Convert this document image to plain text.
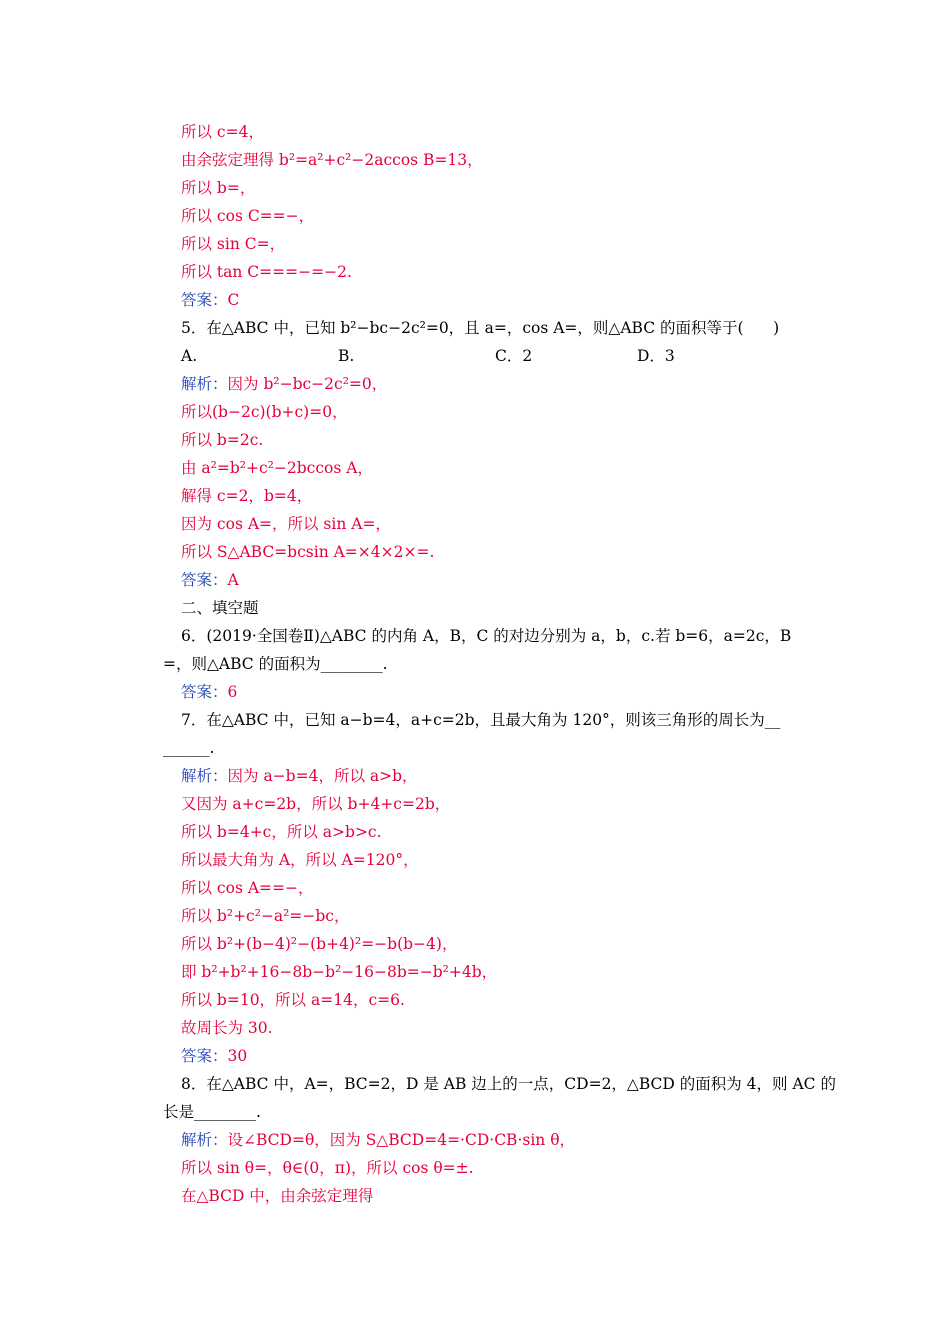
所以 c=4，
由余弦定理得 b²=a²+c²−2accos B=13，
所以 b=，
所以 cos C==−，
所以 sin C=，
所以 tan C===−=−2.
答案：C
5．在△ABC 中，已知 b²−bc−2c²=0，且 a=，cos A=，则△ABC 的面积等于(      )
A.	B.	C．2	D．3
解析：因为 b²−bc−2c²=0，
所以(b−2c)(b+c)=0，
所以 b=2c.
由 a²=b²+c²−2bccos A，
解得 c=2，b=4，
因为 cos A=，所以 sin A=，
所以 S△ABC=bcsin A=×4×2×=.
答案：A
二、填空题
6．(2019·全国卷Ⅱ)△ABC 的内角 A，B，C 的对边分别为 a，b，c.若 b=6，a=2c，B
=，则△ABC 的面积为________.
答案：6
7．在△ABC 中，已知 a−b=4，a+c=2b，且最大角为 120°，则该三角形的周长为__
______.
解析：因为 a−b=4，所以 a>b，
又因为 a+c=2b，所以 b+4+c=2b，
所以 b=4+c，所以 a>b>c.
所以最大角为 A，所以 A=120°，
所以 cos A==−，
所以 b²+c²−a²=−bc，
所以 b²+(b−4)²−(b+4)²=−b(b−4)，
即 b²+b²+16−8b−b²−16−8b=−b²+4b，
所以 b=10，所以 a=14，c=6.
故周长为 30.
答案：30
8．在△ABC 中，A=，BC=2，D 是 AB 边上的一点，CD=2，△BCD 的面积为 4，则 AC 的
长是________.
解析：设∠BCD=θ，因为 S△BCD=4=·CD·CB·sin θ，
所以 sin θ=，θ∈(0，π)，所以 cos θ=±.
在△BCD 中，由余弦定理得
